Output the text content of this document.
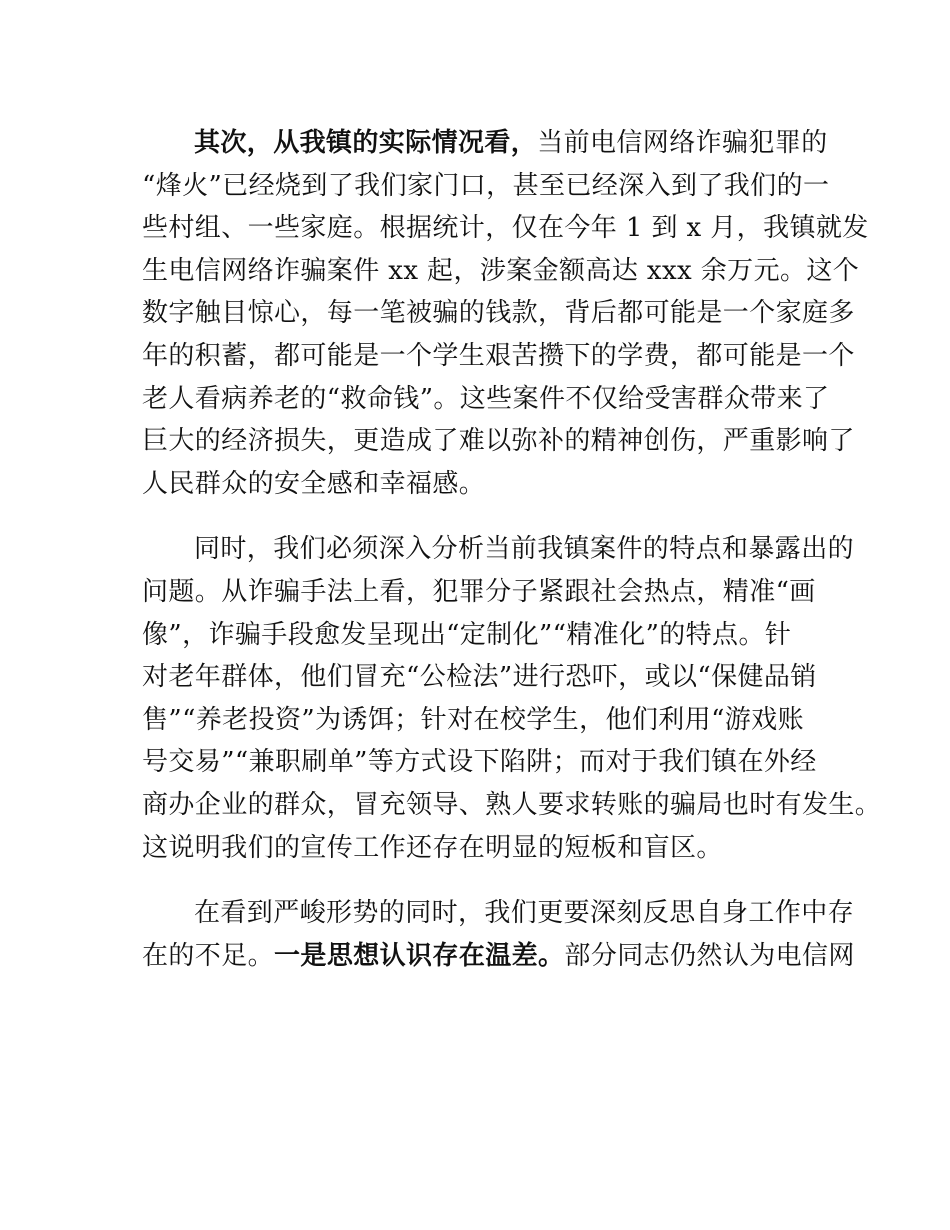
其次，从我镇的实际情况看，当前电信网络诈骗犯罪的
“烽火”已经烧到了我们家门口，甚至已经深入到了我们的一
些村组、一些家庭。根据统计，仅在今年 1 到 x 月，我镇就发
生电信网络诈骗案件 xx 起，涉案金额高达 xxx 余万元。这个
数字触目惊心，每一笔被骗的钱款，背后都可能是一个家庭多
年的积蓄，都可能是一个学生艰苦攒下的学费，都可能是一个
老人看病养老的“救命钱”。这些案件不仅给受害群众带来了
巨大的经济损失，更造成了难以弥补的精神创伤，严重影响了
人民群众的安全感和幸福感。
同时，我们必须深入分析当前我镇案件的特点和暴露出的
问题。从诈骗手法上看，犯罪分子紧跟社会热点，精准“画
像”，诈骗手段愈发呈现出“定制化”“精准化”的特点。针
对老年群体，他们冒充“公检法”进行恐吓，或以“保健品销
售”“养老投资”为诱饵；针对在校学生，他们利用“游戏账
号交易”“兼职刷单”等方式设下陷阱；而对于我们镇在外经
商办企业的群众，冒充领导、熟人要求转账的骗局也时有发生。
这说明我们的宣传工作还存在明显的短板和盲区。
在看到严峻形势的同时，我们更要深刻反思自身工作中存
在的不足。一是思想认识存在温差。部分同志仍然认为电信网
